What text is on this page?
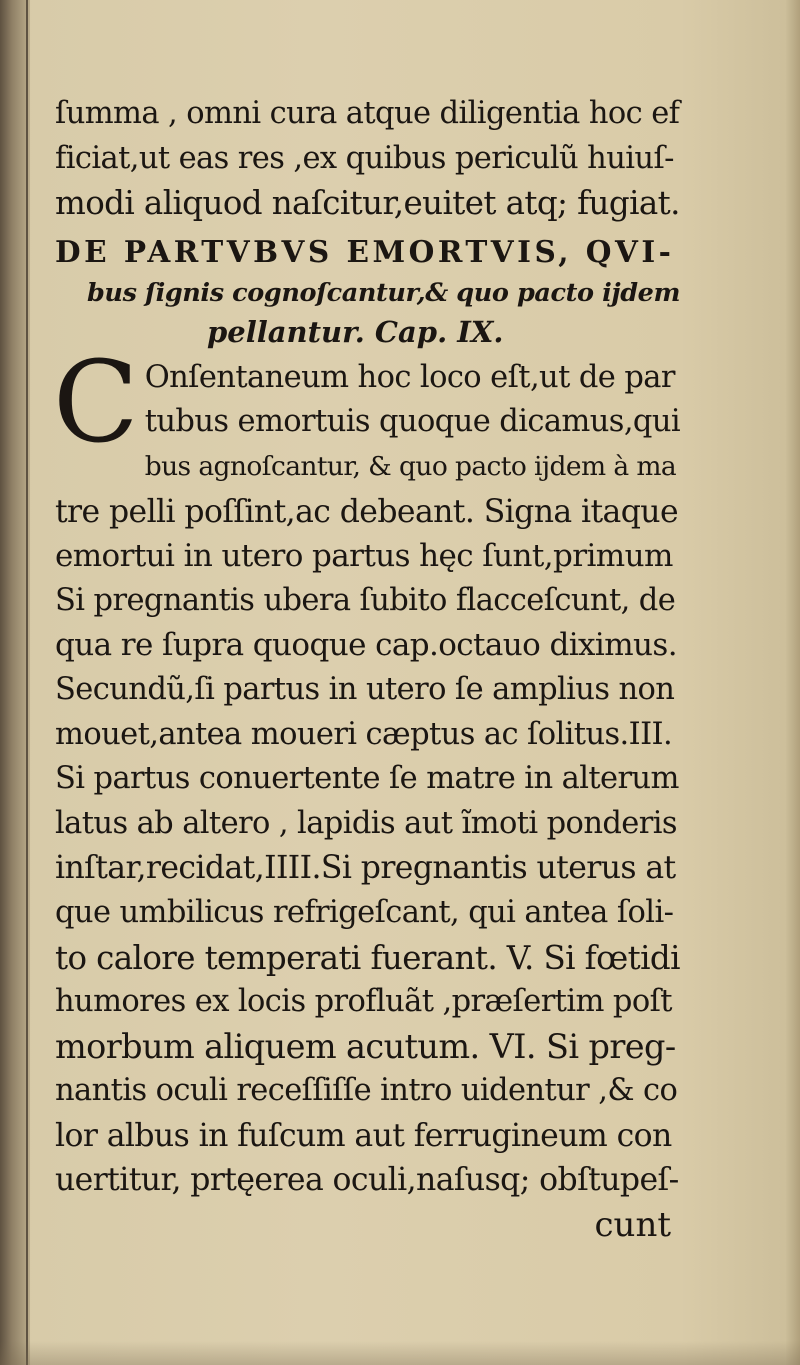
ſumma , omni cura atque diligentia hoc ef
ficiat,ut eas res ,ex quibus periculũ huiuſ-
modi aliquod naſcitur,euitet atq; fugiat.
DE PARTVBVS EMORTVIS, QVI-
bus ſignis cognoſcantur,& quo pacto ijdem
pellantur. Cap. IX.
C Onſentaneum hoc loco eſt,ut de par
tubus emortuis quoque dicamus,qui
bus agnoſcantur, & quo pacto ijdem à ma
tre pelli poſſint,ac debeant. Signa itaque
emortui in utero partus hęc ſunt,primum
Si pregnantis ubera ſubito flacceſcunt, de
qua re ſupra quoque cap.octauo diximus.
Secundũ,ſi partus in utero ſe amplius non
mouet,antea moueri cæptus ac ſolitus.III.
Si partus conuertente ſe matre in alterum
latus ab altero , lapidis aut ĩmoti ponderis
inſtar,recidat,IIII.Si pregnantis uterus at
que umbilicus refrigeſcant, qui antea ſoli-
to calore temperati fuerant. V. Si fœtidi
humores ex locis profluãt ,præſertim poſt
morbum aliquem acutum. VI. Si preg-
nantis oculi receſſiſſe intro uidentur ,& co
lor albus in fuſcum aut ferrugineum con
uertitur, prtęerea oculi,naſusq; obſtupeſ-
cunt
